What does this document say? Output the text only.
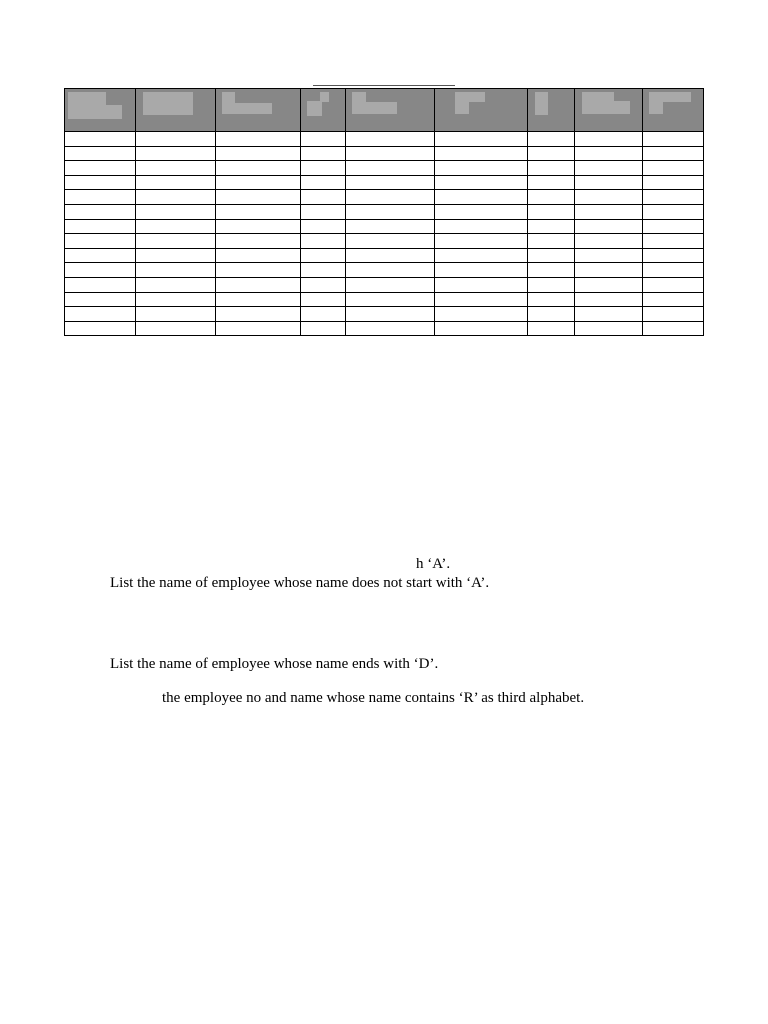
h ‘A’.
List the name of employee whose name does not start with ‘A’.
List the name of employee whose name ends with ‘D’.
the employee no and name whose name contains ‘R’ as third alphabet.
